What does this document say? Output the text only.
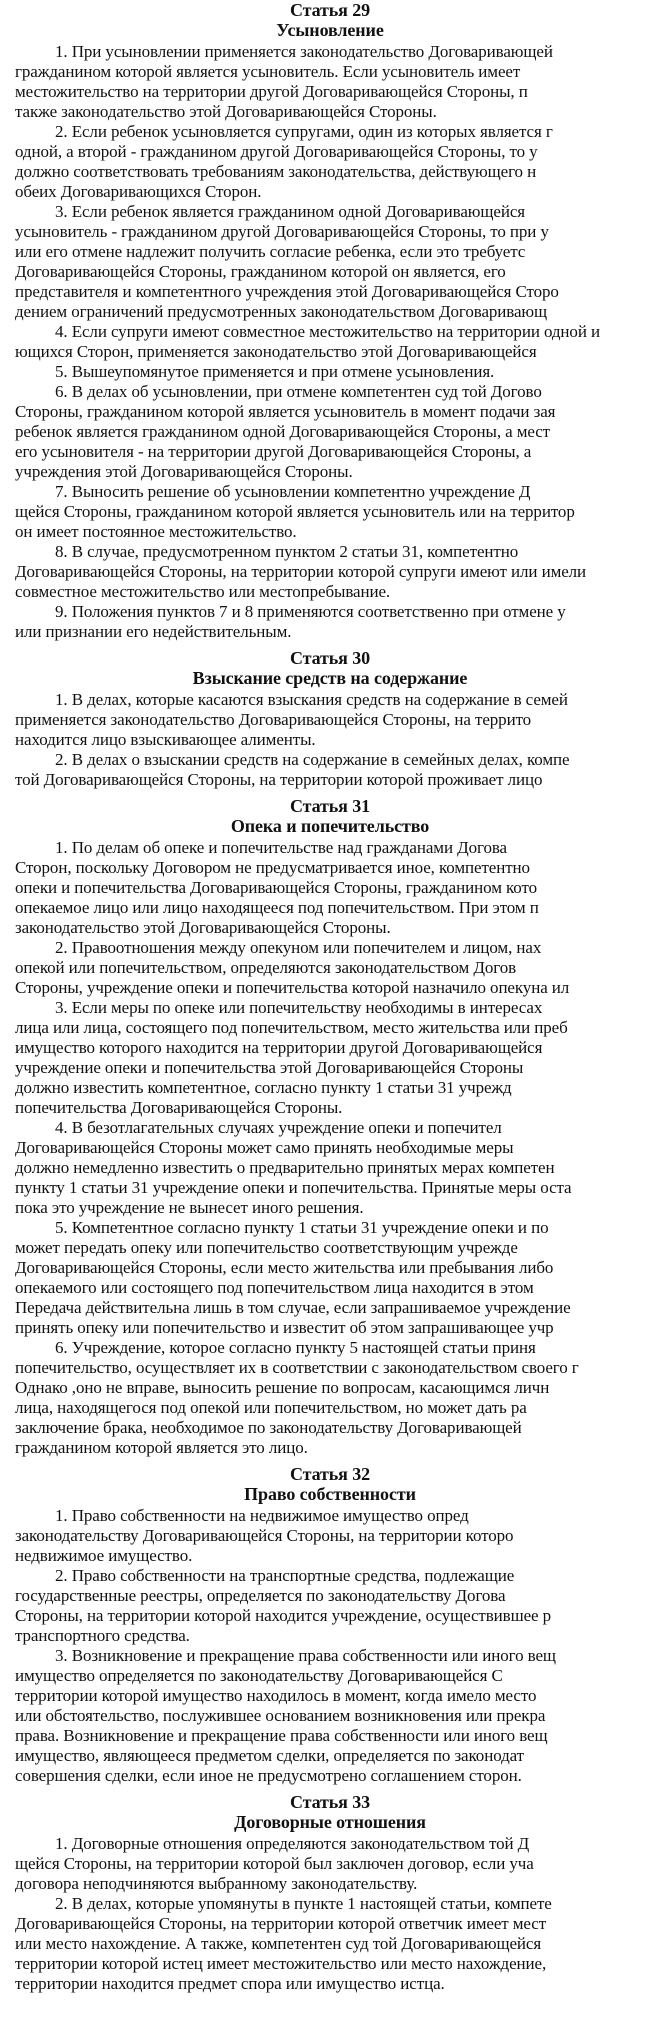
Статья 29
Усыновление
1. При усыновлении применяется законодательство Договаривающей
гражданином которой является усыновитель. Если усыновитель имеет
местожительство на территории другой Договаривающейся Стороны, п
также законодательство этой Договаривающейся Стороны.
2. Если ребенок усыновляется супругами, один из которых является г
одной, а второй - гражданином другой Договаривающейся Стороны, то у
должно соответствовать требованиям законодательства, действующего н
обеих Договаривающихся Сторон.
3. Если ребенок является гражданином одной Договаривающейся
усыновитель - гражданином другой Договаривающейся Стороны, то при у
или его отмене надлежит получить согласие ребенка, если это требуетс
Договаривающейся Стороны, гражданином которой он является, его
представителя и компетентного учреждения этой Договаривающейся Сторо
дением ограничений предусмотренных законодательством Договаривающ
4. Если супруги имеют совместное местожительство на территории одной и
ющихся Сторон, применяется законодательство этой Договаривающейся
5. Вышеупомянутое применяется и при отмене усыновления.
6. В делах об усыновлении, при отмене компетентен суд той Догово
Стороны, гражданином которой является усыновитель в момент подачи зая
ребенок является гражданином одной Договаривающейся Стороны, а мест
его усыновителя - на территории другой Договаривающейся Стороны, а
учреждения этой Договаривающейся Стороны.
7. Выносить решение об усыновлении компетентно учреждение Д
щейся Стороны, гражданином которой является усыновитель или на территор
он имеет постоянное местожительство.
8. В случае, предусмотренном пунктом 2 статьи 31, компетентно
Договаривающейся Стороны, на территории которой супруги имеют или имели
совместное местожительство или местопребывание.
9. Положения пунктов 7 и 8 применяются соответственно при отмене у
или признании его недействительным.
Статья 30
Взыскание средств на содержание
1. В делах, которые касаются взыскания средств на содержание в семей
применяется законодательство Договаривающейся Стороны, на террито
находится лицо взыскивающее алименты.
2. В делах о взыскании средств на содержание в семейных делах, компе
той Договаривающейся Стороны, на территории которой проживает лицо
Статья 31
Опека и попечительство
1. По делам об опеке и попечительстве над гражданами Догова
Сторон, поскольку Договором не предусматривается иное, компетентно
опеки и попечительства Договаривающейся Стороны, гражданином кото
опекаемое лицо или лицо находящееся под попечительством. При этом п
законодательство этой Договаривающейся Стороны.
2. Правоотношения между опекуном или попечителем и лицом, нах
опекой или попечительством, определяются законодательством Догов
Стороны, учреждение опеки и попечительства которой назначило опекуна ил
3. Если меры по опеке или попечительству необходимы в интересах
лица или лица, состоящего под попечительством, место жительства или преб
имущество которого находится на территории другой Договаривающейся
учреждение опеки и попечительства этой Договаривающейся Стороны
должно известить компетентное, согласно пункту 1 статьи 31 учрежд
попечительства Договаривающейся Стороны.
4. В безотлагательных случаях учреждение опеки и попечител
Договаривающейся Стороны может само принять необходимые меры
должно немедленно известить о предварительно принятых мерах компетен
пункту 1 статьи 31 учреждение опеки и попечительства. Принятые меры оста
пока это учреждение не вынесет иного решения.
5. Компетентное согласно пункту 1 статьи 31 учреждение опеки и по
может передать опеку или попечительство соответствующим учрежде
Договаривающейся Стороны, если место жительства или пребывания либо
опекаемого или состоящего под попечительством лица находится в этом
Передача действительна лишь в том случае, если запрашиваемое учреждение
принять опеку или попечительство и известит об этом запрашивающее учр
6. Учреждение, которое согласно пункту 5 настоящей статьи приня
попечительство, осуществляет их в соответствии с законодательством своего г
Однако ,оно не вправе, выносить решение по вопросам, касающимся личн
лица, находящегося под опекой или попечительством, но может дать ра
заключение брака, необходимое по законодательству Договаривающей
гражданином которой является это лицо.
Статья 32
Право собственности
1. Право собственности на недвижимое имущество опред
законодательству Договаривающейся Стороны, на территории которо
недвижимое имущество.
2. Право собственности на транспортные средства, подлежащие
государственные реестры, определяется по законодательству Догова
Стороны, на территории которой находится учреждение, осуществившее р
транспортного средства.
3. Возникновение и прекращение права собственности или иного вещ
имущество определяется по законодательству Договаривающейся С
территории которой имущество находилось в момент, когда имело место
или обстоятельство, послужившее основанием возникновения или прекра
права. Возникновение и прекращение права собственности или иного вещ
имущество, являющееся предметом сделки, определяется по законодат
совершения сделки, если иное не предусмотрено соглашением сторон.
Статья 33
Договорные отношения
1. Договорные отношения определяются законодательством той Д
щейся Стороны, на территории которой был заключен договор, если уча
договора неподчиняются выбранному законодательству.
2. В делах, которые упомянуты в пункте 1 настоящей статьи, компете
Договаривающейся Стороны, на территории которой ответчик имеет мест
или место нахождение. А также, компетентен суд той Договаривающейся
территории которой истец имеет местожительство или место нахождение,
территории находится предмет спора или имущество истца.
